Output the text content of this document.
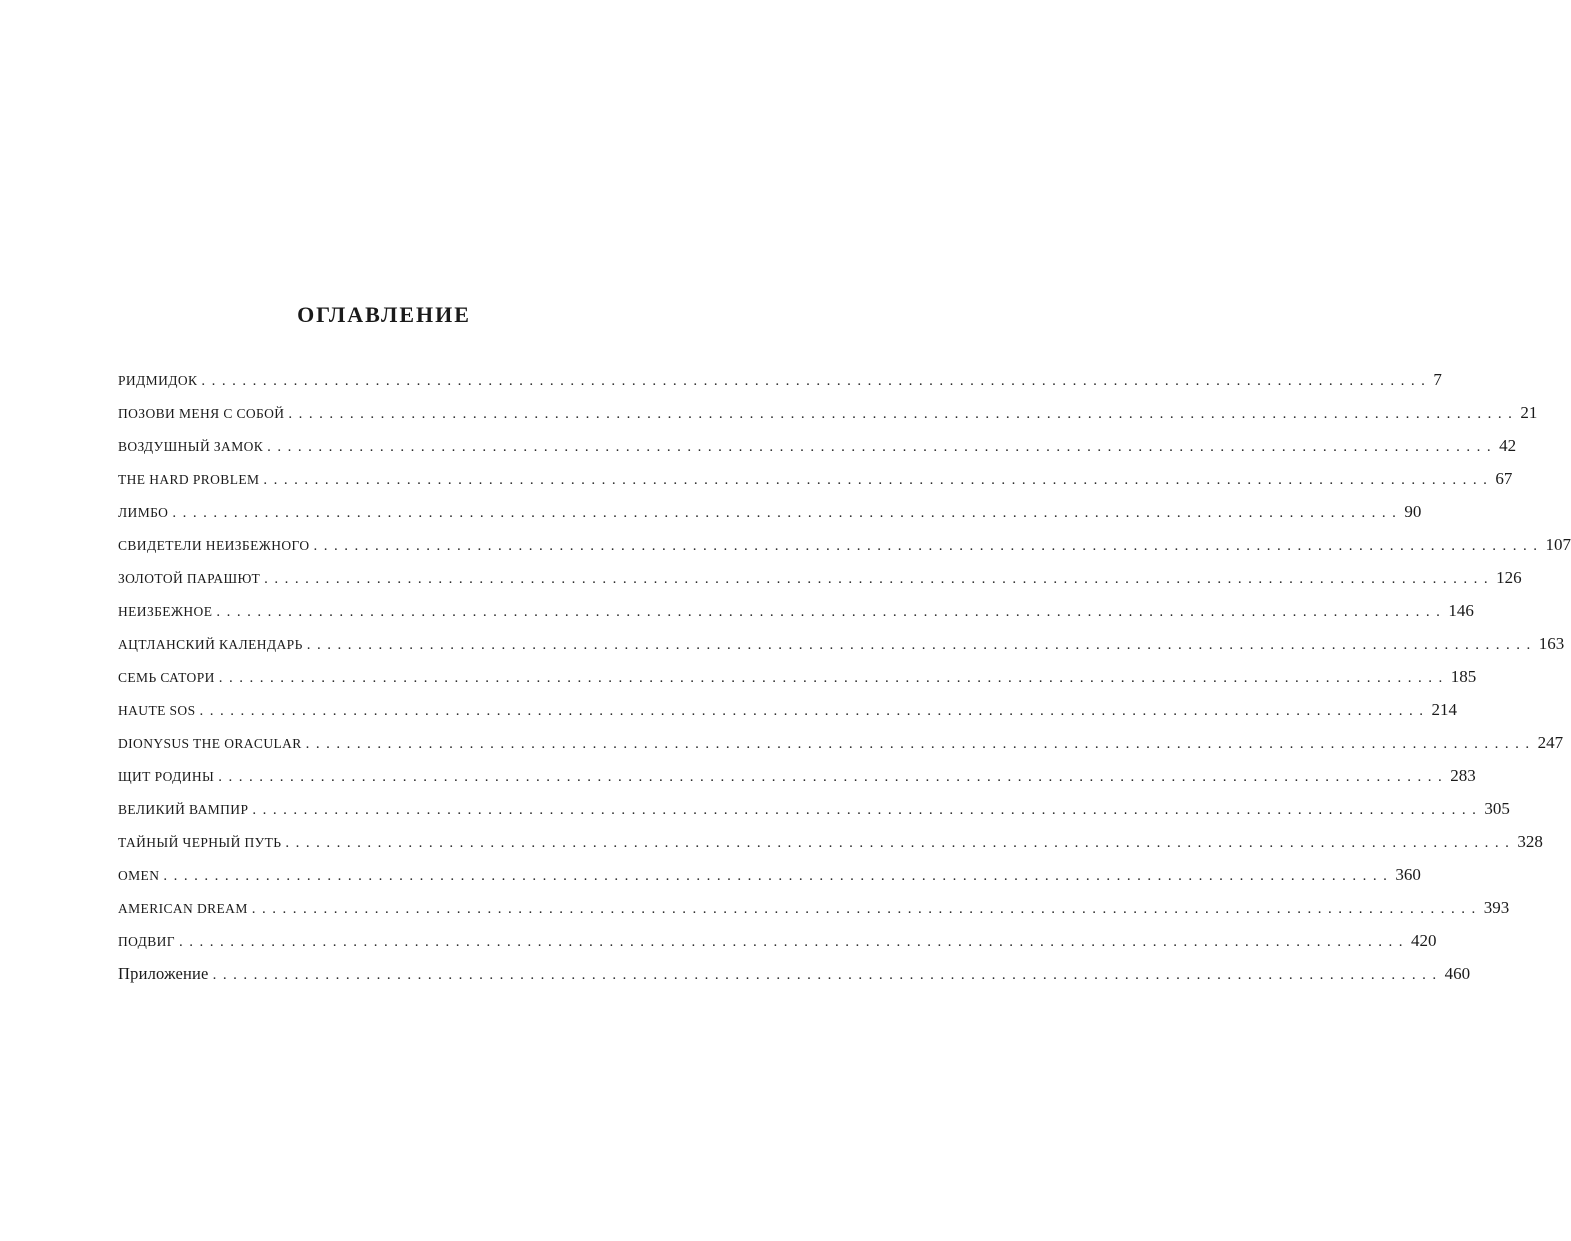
ОГЛАВЛЕНИЕ
РИДМИДОК ........................................................................................................................ 7
ПОЗОВИ МЕНЯ С СОБОЙ ........................................................................................................................ 21
ВОЗДУШНЫЙ ЗАМОК ........................................................................................................................ 42
THE HARD PROBLEM ........................................................................................................................ 67
ЛИМБО ........................................................................................................................ 90
СВИДЕТЕЛИ НЕИЗБЕЖНОГО ........................................................................................................................ 107
ЗОЛОТОЙ ПАРАШЮТ ........................................................................................................................ 126
НЕИЗБЕЖНОЕ ........................................................................................................................ 146
АЦТЛАНСКИЙ КАЛЕНДАРЬ ........................................................................................................................ 163
СЕМЬ САТОРИ ........................................................................................................................ 185
HAUTE SOS ........................................................................................................................ 214
DIONYSUS THE ORACULAR ........................................................................................................................ 247
ЩИТ РОДИНЫ ........................................................................................................................ 283
ВЕЛИКИЙ ВАМПИР ........................................................................................................................ 305
ТАЙНЫЙ ЧЕРНЫЙ ПУТЬ ........................................................................................................................ 328
OMEN ........................................................................................................................ 360
AMERICAN DREAM ........................................................................................................................ 393
ПОДВИГ ........................................................................................................................ 420
Приложение ........................................................................................................................ 460
